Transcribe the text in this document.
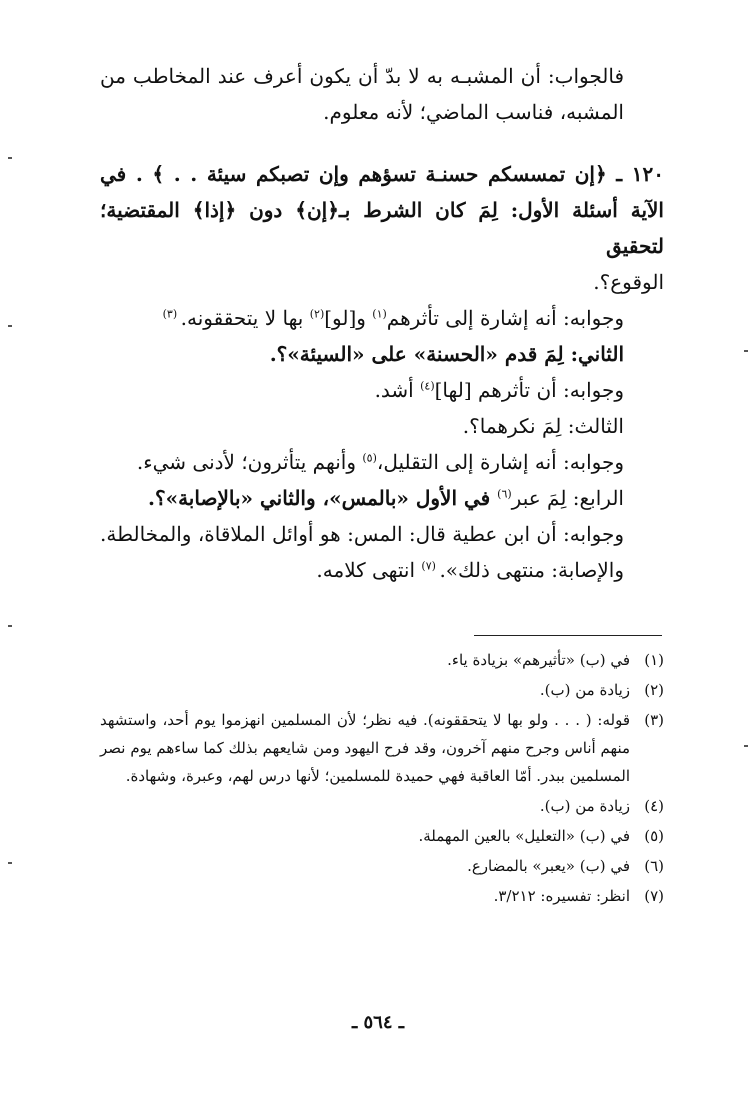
فالجواب: أن المشبـه به لا بدّ أن يكون أعرف عند المخاطب من المشبه، فناسب الماضي؛ لأنه معلوم.

١٢٠ ـ ﴿إن تمسسكم حسنـة تسؤهم وإن تصبكم سيئة . . ﴾ . في الآية أسئلة الأول: لِمَ كان الشرط بـ﴿إن﴾ دون ﴿إذا﴾ المقتضية؛ لتحقيق

الوقوع؟.

وجوابه: أنه إشارة إلى تأثرهم$^{(١)}$ و[لو]$^{(٢)}$ بها لا يتحققونه. $^{(٣)}$

الثاني: لِمَ قدم «الحسنة» على «السيئة»؟.

وجوابه: أن تأثرهم [لها]$^{(٤)}$ أشد.

الثالث: لِمَ نكرهما؟.

وجوابه: أنه إشارة إلى التقليل،$^{(٥)}$ وأنهم يتأثرون؛ لأدنى شيء.

الرابع: لِمَ عبر$^{(٦)}$ في الأول «بالمس»، والثاني «بالإصابة»؟.

وجوابه: أن ابن عطية قال: المس: هو أوائل الملاقاة، والمخالطة. والإصابة: منتهى ذلك». $^{(٧)}$ انتهى كلامه.

(١)
في (ب) «تأثيرهم» بزيادة ياء.
(٢)
زيادة من (ب).
(٣)
قوله: ( . . . ولو بها لا يتحققونه). فيه نظر؛ لأن المسلمين انهزموا يوم أحد، واستشهد منهم أناس وجرح منهم آخرون، وقد فرح اليهود ومن شايعهم بذلك كما ساءهم يوم نصر المسلمين ببدر. أمّا العاقبة فهي حميدة للمسلمين؛ لأنها درس لهم، وعبرة، وشهادة.
(٤)
زيادة من (ب).
(٥)
في (ب) «التعليل» بالعين المهملة.
(٦)
في (ب) «يعبر» بالمضارع.
(٧)
انظر: تفسيره: ٣/٢١٢.
ـ ٥٦٤ ـ
